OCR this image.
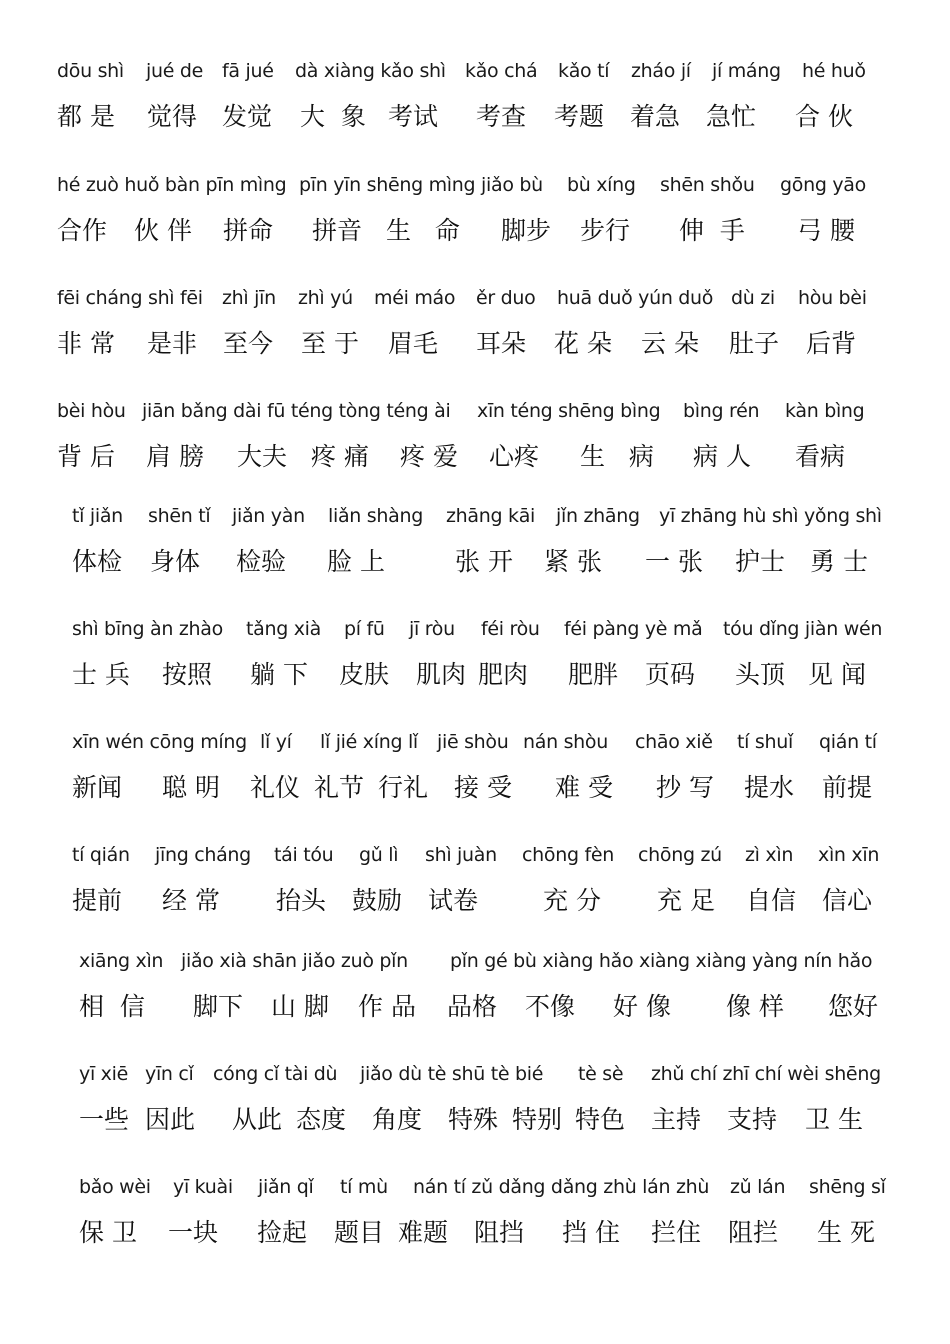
dōu shì jué de fā jué dà xiàng kǎo shì kǎo chá kǎo tí zháo jí jí máng hé huǒ
都 是 觉得 发觉 大  象 考试 考查 考题 着急 急忙 合 伙
hé zuò huǒ bàn pīn mìng pīn yīn shēng mìng jiǎo bù bù xíng shēn shǒu gōng yāo
合作 伙 伴 拼命 拼音 生   命 脚步 步行 伸  手 弓 腰
fēi cháng shì fēi zhì jīn zhì yú méi máo ěr duo huā duǒ yún duǒ dù zi hòu bèi
非 常 是非 至今 至 于 眉毛 耳朵 花 朵 云 朵 肚子 后背
bèi hòu jiān bǎng dài fū téng tòng téng ài xīn téng shēng bìng bìng rén kàn bìng
背 后 肩 膀 大夫 疼 痛 疼 爱 心疼 生   病 病 人 看病
tǐ jiǎn shēn tǐ jiǎn yàn liǎn shàng zhāng kāi jǐn zhāng yī zhāng hù shì yǒng shì
体检 身体 检验 脸 上	张 开 紧 张 一 张 护士 勇 士
shì bīng àn zhào tǎng xià pí fū jī ròu féi ròu féi pàng yè mǎ tóu dǐng jiàn wén
士 兵 按照 躺 下 皮肤 肌肉 肥肉 肥胖 页码 头顶 见 闻
xīn wén cōng míng lǐ yí lǐ jié xíng lǐ jiē shòu nán shòu chāo xiě tí shuǐ qián tí
新闻 聪 明 礼仪 礼节 行礼 接 受 难 受 抄 写 提水 前提
tí qián jīng cháng tái tóu gǔ lì shì juàn chōng fèn chōng zú zì xìn xìn xīn
提前 经 常 抬头 鼓励 试卷	充 分 充 足 自信 信心
xiāng xìn jiǎo xià shān jiǎo zuò pǐn pǐn gé bù xiàng hǎo xiàng xiàng yàng nín hǎo
相  信 脚下 山 脚 作 品 品格 不像 好 像 像 样 您好
yī xiē yīn cǐ cóng cǐ tài dù jiǎo dù tè shū tè bié tè sè zhǔ chí zhī chí wèi shēng
一些 因此 从此 态度 角度 特殊 特别 特色 主持 支持 卫 生
bǎo wèi yī kuài jiǎn qǐ tí mù nán tí zǔ dǎng dǎng zhù lán zhù zǔ lán shēng sǐ
保 卫 一块 捡起 题目 难题 阻挡 挡 住 拦住 阻拦 生 死
